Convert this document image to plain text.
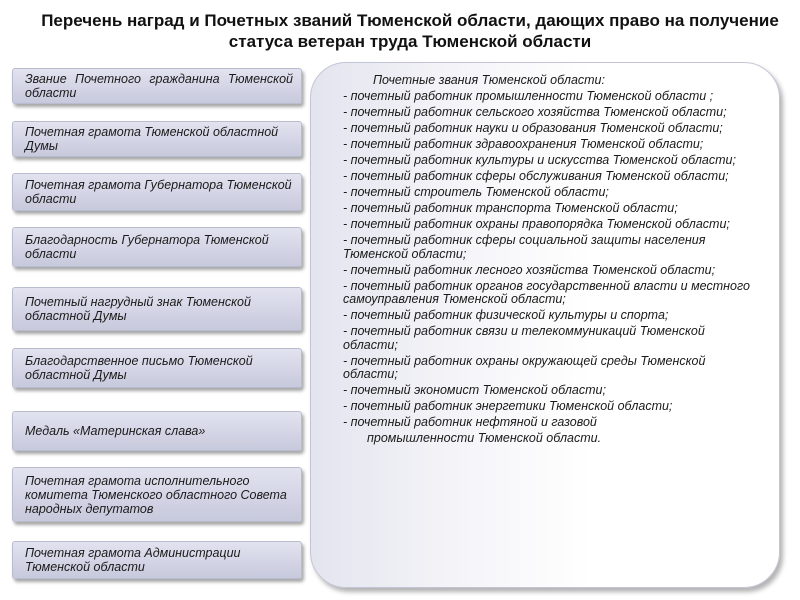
Перечень наград и Почетных званий Тюменской области, дающих право на получение статуса ветеран труда Тюменской области
Звание Почетного гражданина Тюменской области
Почетная грамота Тюменской областной Думы
Почетная грамота Губернатора Тюменской области
Благодарность Губернатора Тюменской области
Почетный нагрудный знак Тюменской областной Думы
Благодарственное письмо Тюменской областной Думы
Медаль «Материнская слава»
Почетная грамота исполнительного комитета Тюменского областного Совета народных депутатов
Почетная грамота Администрации Тюменской области
Почетные звания Тюменской области:
- почетный работник промышленности Тюменской области ;
- почетный работник сельского хозяйства Тюменской области;
- почетный работник науки и образования Тюменской области;
- почетный работник здравоохранения Тюменской области;
- почетный работник культуры и искусства Тюменской области;
- почетный работник сферы обслуживания Тюменской области;
- почетный строитель Тюменской области;
- почетный работник транспорта Тюменской области;
- почетный работник охраны правопорядка Тюменской области;
- почетный работник сферы социальной защиты населения Тюменской области;
- почетный работник лесного хозяйства Тюменской области;
- почетный работник органов государственной власти и местного самоуправления Тюменской области;
- почетный работник физической культуры и спорта;
- почетный работник связи и телекоммуникаций Тюменской области;
- почетный работник охраны окружающей среды Тюменской области;
- почетный экономист Тюменской области;
- почетный работник энергетики Тюменской области;
- почетный работник нефтяной и газовой
промышленности Тюменской области.
